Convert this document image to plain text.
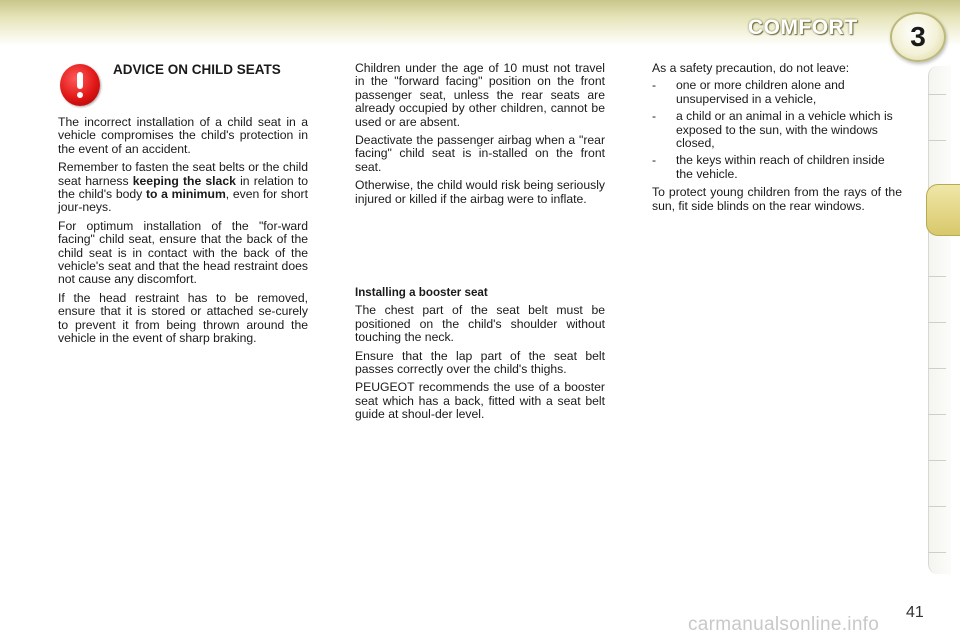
COMFORT	3
ADVICE ON CHILD SEATS

The incorrect installation of a child seat in a vehicle compromises the child's protection in the event of an accident.

Remember to fasten the seat belts or the child seat harness keeping the slack in relation to the child's body to a minimum, even for short jour-neys.

For optimum installation of the "for-ward facing" child seat, ensure that the back of the child seat is in contact with the back of the vehicle's seat and that the head restraint does not cause any discomfort.

If the head restraint has to be removed, ensure that it is stored or attached se-curely to prevent it from being thrown around the vehicle in the event of sharp braking.

Children under the age of 10 must not travel in the "forward facing" position on the front passenger seat, unless the rear seats are already occupied by other children, cannot be used or are absent.

Deactivate the passenger airbag when a "rear facing" child seat is in-stalled on the front seat.

Otherwise, the child would risk being seriously injured or killed if the airbag were to inflate.

Installing a booster seat

The chest part of the seat belt must be positioned on the child's shoulder without touching the neck.

Ensure that the lap part of the seat belt passes correctly over the child's thighs.

PEUGEOT recommends the use of a booster seat which has a back, fitted with a seat belt guide at shoul-der level.

As a safety precaution, do not leave:

- one or more children alone and unsupervised in a vehicle,
- a child or an animal in a vehicle which is exposed to the sun, with the windows closed,
- the keys within reach of children inside the vehicle.

To protect young children from the rays of the sun, fit side blinds on the rear windows.

41
carmanualsonline.info
